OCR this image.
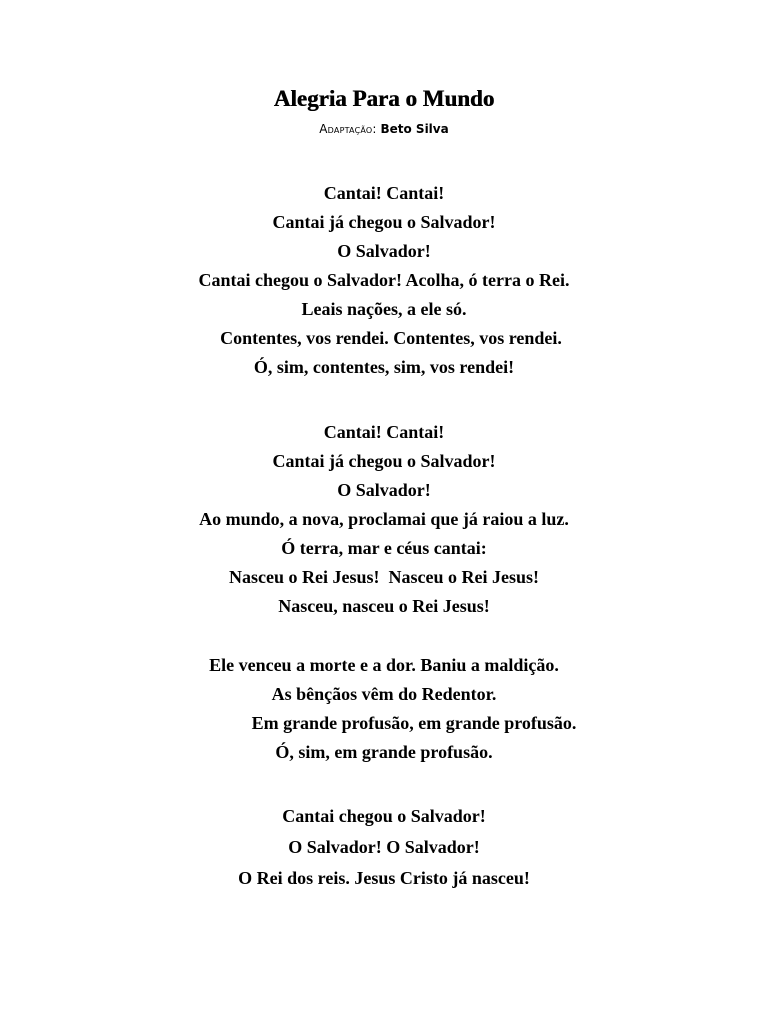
Alegria Para o Mundo
Adaptação: Beto Silva
Cantai! Cantai!
Cantai já chegou o Salvador!
O Salvador!
Cantai chegou o Salvador! Acolha, ó terra o Rei.
Leais nações, a ele só.
Contentes, vos rendei. Contentes, vos rendei.
Ó, sim, contentes, sim, vos rendei!
Cantai! Cantai!
Cantai já chegou o Salvador!
O Salvador!
Ao mundo, a nova, proclamai que já raiou a luz.
Ó terra, mar e céus cantai:
Nasceu o Rei Jesus!  Nasceu o Rei Jesus!
Nasceu, nasceu o Rei Jesus!
Ele venceu a morte e a dor. Baniu a maldição.
As bênçãos vêm do Redentor.
Em grande profusão, em grande profusão.
Ó, sim, em grande profusão.
Cantai chegou o Salvador!
O Salvador! O Salvador!
O Rei dos reis. Jesus Cristo já nasceu!
